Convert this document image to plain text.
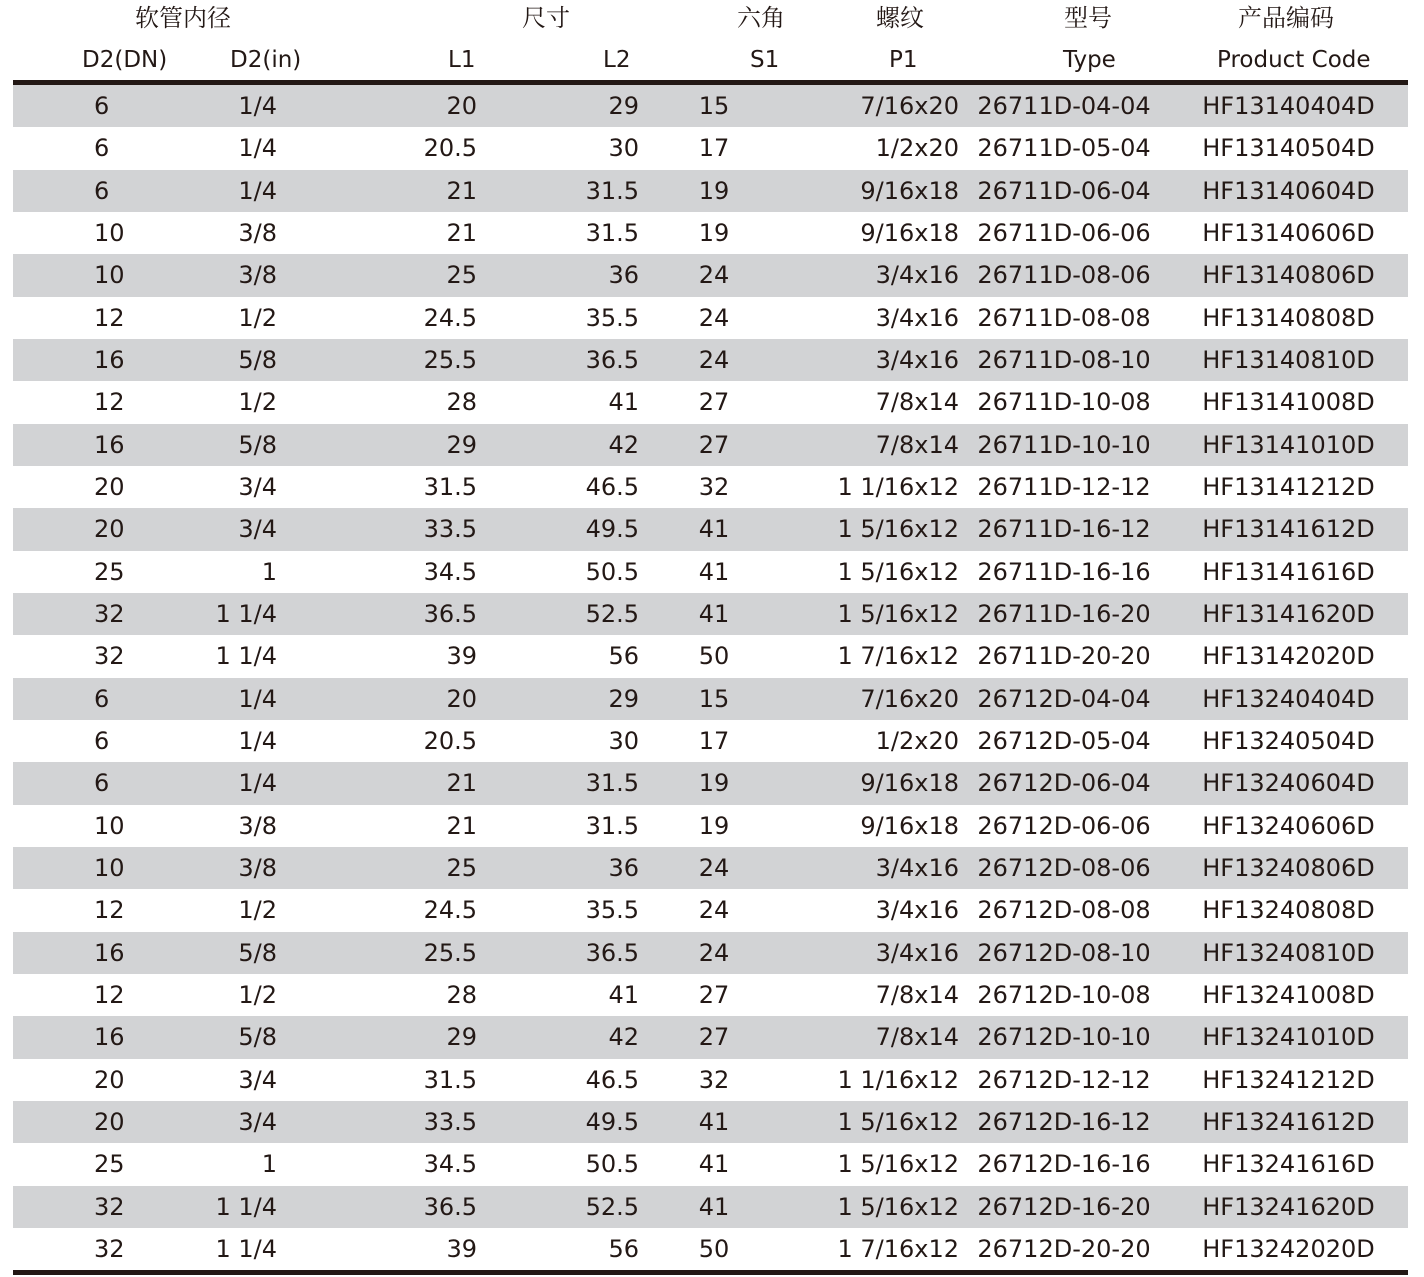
软管内径	尺寸	六角	螺纹	型号	产品编码
D2(DN)	D2(in)	L1	L2	S1	P1	Type	Product Code
6	1/4	20	29	15	7/16x20	26711D-04-04	HF13140404D
6	1/4	20.5	30	17	1/2x20	26711D-05-04	HF13140504D
6	1/4	21	31.5	19	9/16x18	26711D-06-04	HF13140604D
10	3/8	21	31.5	19	9/16x18	26711D-06-06	HF13140606D
10	3/8	25	36	24	3/4x16	26711D-08-06	HF13140806D
12	1/2	24.5	35.5	24	3/4x16	26711D-08-08	HF13140808D
16	5/8	25.5	36.5	24	3/4x16	26711D-08-10	HF13140810D
12	1/2	28	41	27	7/8x14	26711D-10-08	HF13141008D
16	5/8	29	42	27	7/8x14	26711D-10-10	HF13141010D
20	3/4	31.5	46.5	32	1 1/16x12	26711D-12-12	HF13141212D
20	3/4	33.5	49.5	41	1 5/16x12	26711D-16-12	HF13141612D
25	1	34.5	50.5	41	1 5/16x12	26711D-16-16	HF13141616D
32	1 1/4	36.5	52.5	41	1 5/16x12	26711D-16-20	HF13141620D
32	1 1/4	39	56	50	1 7/16x12	26711D-20-20	HF13142020D
6	1/4	20	29	15	7/16x20	26712D-04-04	HF13240404D
6	1/4	20.5	30	17	1/2x20	26712D-05-04	HF13240504D
6	1/4	21	31.5	19	9/16x18	26712D-06-04	HF13240604D
10	3/8	21	31.5	19	9/16x18	26712D-06-06	HF13240606D
10	3/8	25	36	24	3/4x16	26712D-08-06	HF13240806D
12	1/2	24.5	35.5	24	3/4x16	26712D-08-08	HF13240808D
16	5/8	25.5	36.5	24	3/4x16	26712D-08-10	HF13240810D
12	1/2	28	41	27	7/8x14	26712D-10-08	HF13241008D
16	5/8	29	42	27	7/8x14	26712D-10-10	HF13241010D
20	3/4	31.5	46.5	32	1 1/16x12	26712D-12-12	HF13241212D
20	3/4	33.5	49.5	41	1 5/16x12	26712D-16-12	HF13241612D
25	1	34.5	50.5	41	1 5/16x12	26712D-16-16	HF13241616D
32	1 1/4	36.5	52.5	41	1 5/16x12	26712D-16-20	HF13241620D
32	1 1/4	39	56	50	1 7/16x12	26712D-20-20	HF13242020D
